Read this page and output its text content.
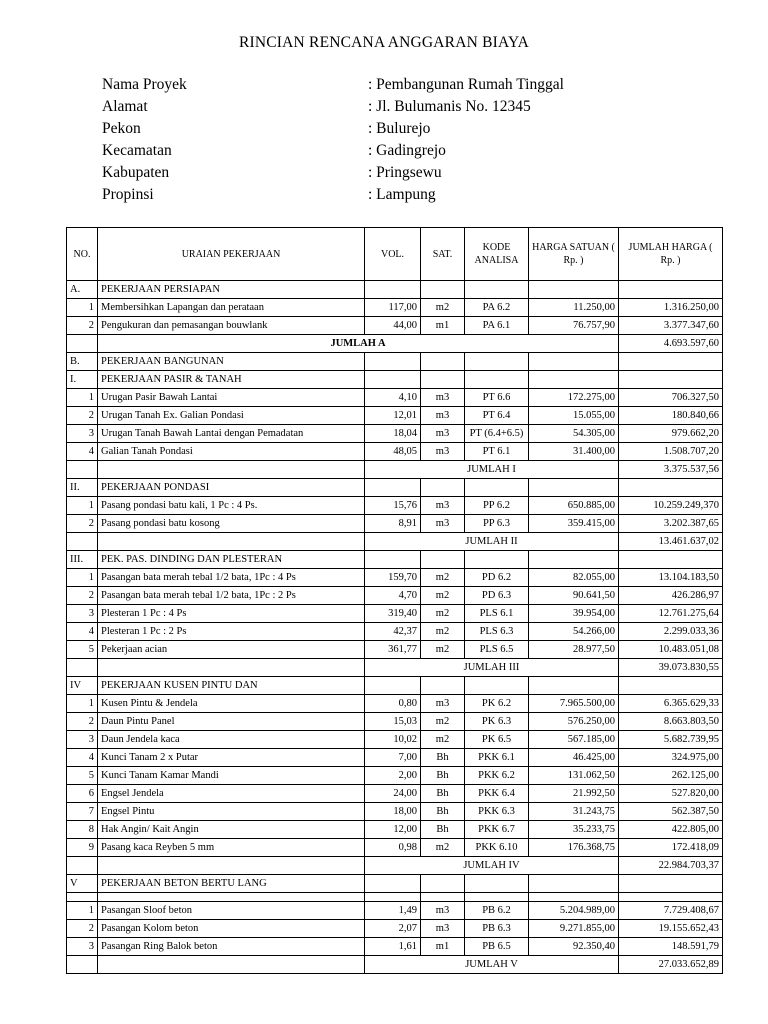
RINCIAN RENCANA ANGGARAN BIAYA
Nama Proyek	: Pembangunan Rumah Tinggal
Alamat	: Jl. Bulumanis No. 12345
Pekon	: Bulurejo
Kecamatan	: Gadingrejo
Kabupaten	: Pringsewu
Propinsi	: Lampung
NO.	URAIAN PEKERJAAN	VOL.	SAT.	KODE ANALISA	HARGA SATUAN ( Rp. )	JUMLAH HARGA ( Rp. )
A.	PEKERJAAN PERSIAPAN					
1	Membersihkan Lapangan dan perataan	117,00	m2	PA 6.2	11.250,00	1.316.250,00
2	Pengukuran dan pemasangan bouwlank	44,00	m1	PA 6.1	76.757,90	3.377.347,60
	JUMLAH A					4.693.597,60
B.	PEKERJAAN BANGUNAN					
I.	PEKERJAAN PASIR & TANAH					
1	Urugan Pasir Bawah Lantai	4,10	m3	PT 6.6	172.275,00	706.327,50
2	Urugan Tanah Ex. Galian Pondasi	12,01	m3	PT 6.4	15.055,00	180.840,66
3	Urugan Tanah Bawah Lantai dengan Pemadatan	18,04	m3	PT (6.4+6.5)	54.305,00	979.662,20
4	Galian Tanah Pondasi	48,05	m3	PT 6.1	31.400,00	1.508.707,20
		JUMLAH I				3.375.537,56
II.	PEKERJAAN PONDASI					
1	Pasang pondasi batu kali, 1 Pc : 4 Ps.	15,76	m3	PP 6.2	650.885,00	10.259.249,370
2	Pasang pondasi batu kosong	8,91	m3	PP 6.3	359.415,00	3.202.387,65
		JUMLAH II				13.461.637,02
III.	PEK. PAS. DINDING DAN PLESTERAN					
1	Pasangan bata merah tebal 1/2 bata, 1Pc : 4 Ps	159,70	m2	PD 6.2	82.055,00	13.104.183,50
2	Pasangan bata merah tebal 1/2 bata, 1Pc : 2 Ps	4,70	m2	PD 6.3	90.641,50	426.286,97
3	Plesteran 1 Pc : 4 Ps	319,40	m2	PLS 6.1	39.954,00	12.761.275,64
4	Plesteran 1 Pc : 2 Ps	42,37	m2	PLS 6.3	54.266,00	2.299.033,36
5	Pekerjaan acian	361,77	m2	PLS 6.5	28.977,50	10.483.051,08
		JUMLAH III				39.073.830,55
IV	PEKERJAAN KUSEN PINTU DAN					
1	Kusen Pintu & Jendela	0,80	m3	PK 6.2	7.965.500,00	6.365.629,33
2	Daun Pintu Panel	15,03	m2	PK 6.3	576.250,00	8.663.803,50
3	Daun Jendela kaca	10,02	m2	PK 6.5	567.185,00	5.682.739,95
4	Kunci Tanam 2 x Putar	7,00	Bh	PKK 6.1	46.425,00	324.975,00
5	Kunci Tanam Kamar Mandi	2,00	Bh	PKK 6.2	131.062,50	262.125,00
6	Engsel Jendela	24,00	Bh	PKK 6.4	21.992,50	527.820,00
7	Engsel Pintu	18,00	Bh	PKK 6.3	31.243,75	562.387,50
8	Hak Angin/ Kait Angin	12,00	Bh	PKK 6.7	35.233,75	422.805,00
9	Pasang kaca Reyben 5 mm	0,98	m2	PKK 6.10	176.368,75	172.418,09
		JUMLAH IV				22.984.703,37
V	PEKERJAAN BETON BERTU LANG					

1	Pasangan Sloof beton	1,49	m3	PB 6.2	5.204.989,00	7.729.408,67
2	Pasangan Kolom beton	2,07	m3	PB 6.3	9.271.855,00	19.155.652,43
3	Pasangan Ring Balok beton	1,61	m1	PB 6.5	92.350,40	148.591,79
		JUMLAH V				27.033.652,89
